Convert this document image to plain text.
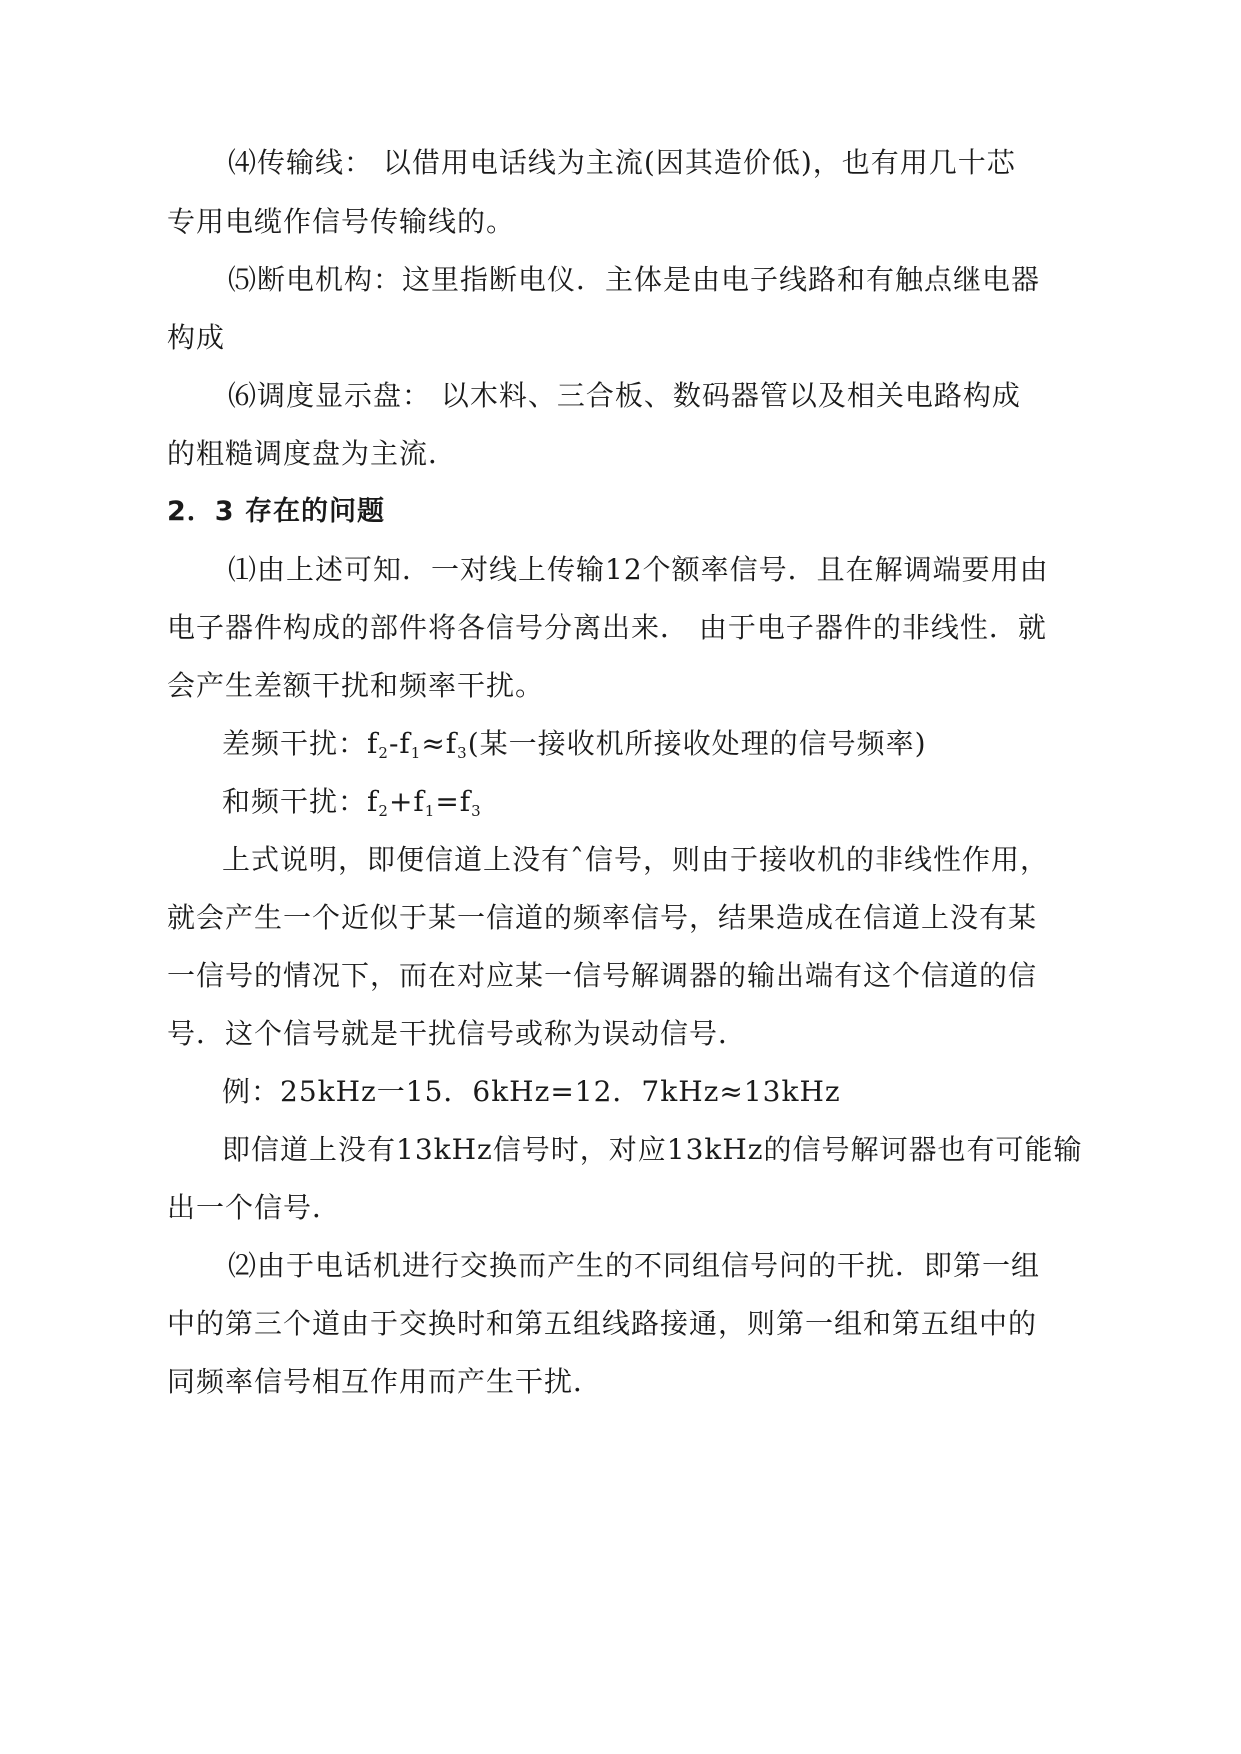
⑷传输线： 以借用电话线为主流(因其造价低)，也有用几十芯
专用电缆作信号传输线的。
⑸断电机构：这里指断电仪．主体是由电子线路和有触点继电器
构成
⑹调度显示盘： 以木料、三合板、数码器管以及相关电路构成
的粗糙调度盘为主流．
2．3 存在的问题
⑴由上述可知．一对线上传输12个额率信号．且在解调端要用由
电子器件构成的部件将各信号分离出来． 由于电子器件的非线性．就
会产生差额干扰和频率干扰。
差频干扰：$f_2-f_1\approx f_3$(某一接收机所接收处理的信号频率)
和频干扰：$f_2+f_1=f_3$
上式说明，即便信道上没有ˆ信号，则由于接收机的非线性作用，
就会产生一个近似于某一信道的频率信号，结果造成在信道上没有某
一信号的情况下，而在对应某一信号解调器的输出端有这个信道的信
号．这个信号就是干扰信号或称为误动信号．
例：25kHz一15．6kHz=12．7kHz≈13kHz
即信道上没有13kHz信号时，对应13kHz的信号解诃器也有可能输
出一个信号．
⑵由于电话机进行交换而产生的不同组信号问的干扰．即第一组
中的第三个道由于交换时和第五组线路接通，则第一组和第五组中的
同频率信号相互作用而产生干扰．
